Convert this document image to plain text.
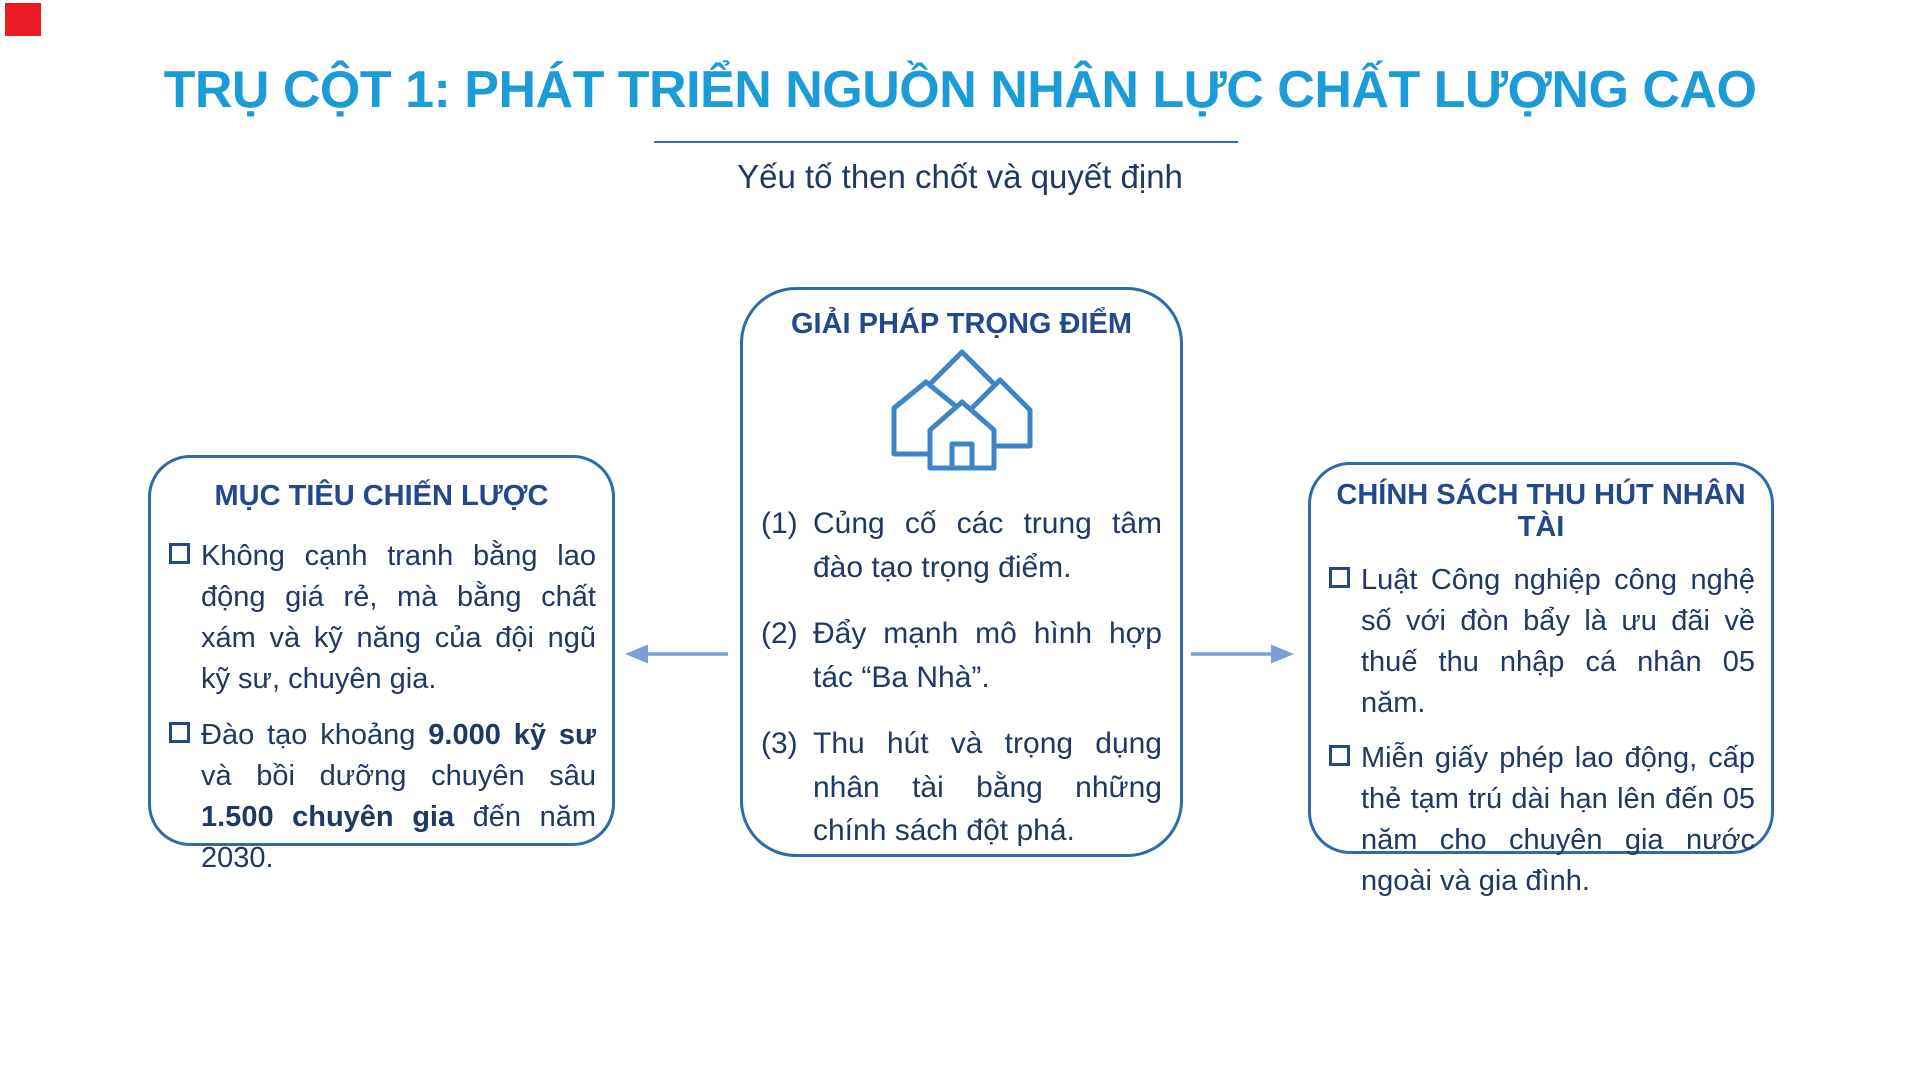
TRỤ CỘT 1: PHÁT TRIỂN NGUỒN NHÂN LỰC CHẤT LƯỢNG CAO
Yếu tố then chốt và quyết định
MỤC TIÊU CHIẾN LƯỢC
Không cạnh tranh bằng lao động giá rẻ, mà bằng chất xám và kỹ năng của đội ngũ kỹ sư, chuyên gia.
Đào tạo khoảng 9.000 kỹ sư và bồi dưỡng chuyên sâu 1.500 chuyên gia đến năm 2030.
GIẢI PHÁP TRỌNG ĐIỂM
(1) Củng cố các trung tâm đào tạo trọng điểm.
(2) Đẩy mạnh mô hình hợp tác “Ba Nhà”.
(3) Thu hút và trọng dụng nhân tài bằng những chính sách đột phá.
CHÍNH SÁCH THU HÚT NHÂN TÀI
Luật Công nghiệp công nghệ số với đòn bẩy là ưu đãi về thuế thu nhập cá nhân 05 năm.
Miễn giấy phép lao động, cấp thẻ tạm trú dài hạn lên đến 05 năm cho chuyên gia nước ngoài và gia đình.
